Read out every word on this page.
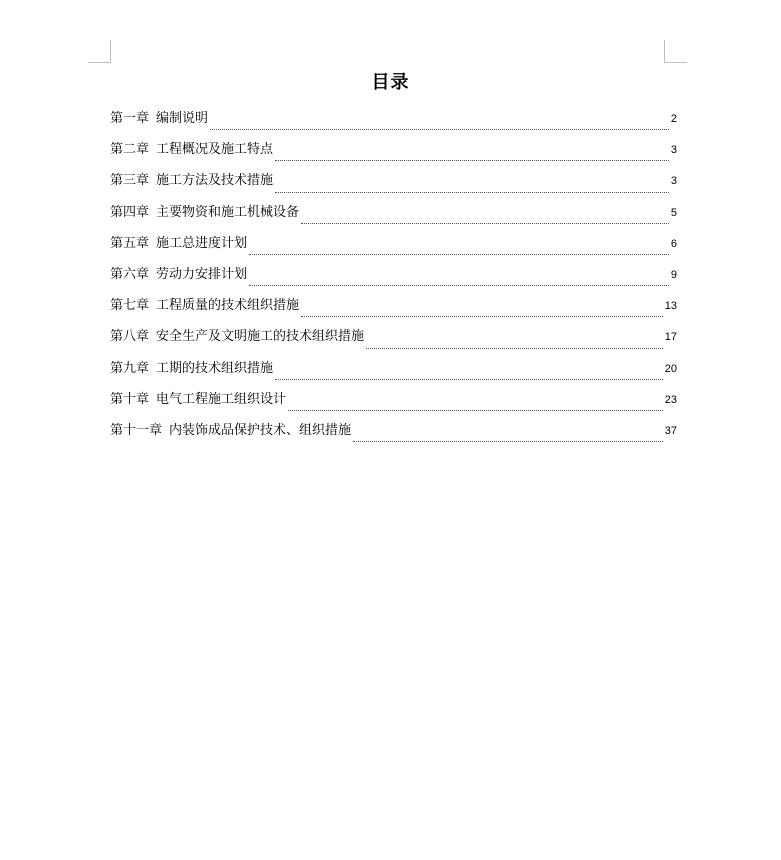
目录
第一章 编制说明	2
第二章 工程概况及施工特点	3
第三章 施工方法及技术措施	3
第四章 主要物资和施工机械设备	5
第五章 施工总进度计划	6
第六章 劳动力安排计划	9
第七章 工程质量的技术组织措施	13
第八章 安全生产及文明施工的技术组织措施	17
第九章 工期的技术组织措施	20
第十章 电气工程施工组织设计	23
第十一章 内装饰成品保护技术、组织措施	37
